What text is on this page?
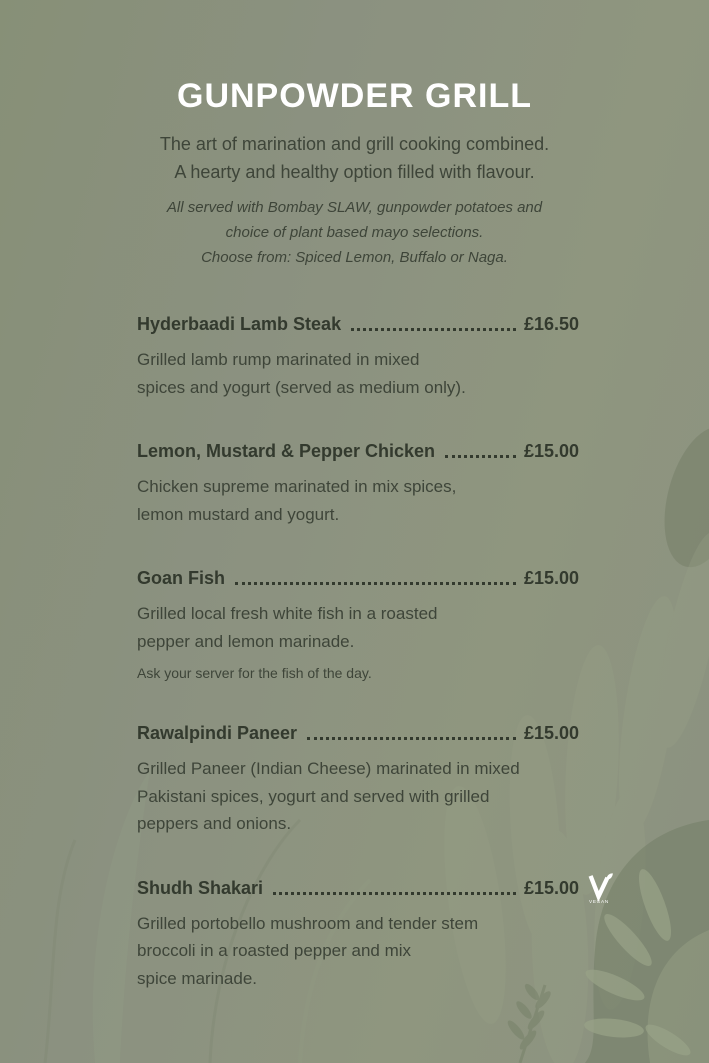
GUNPOWDER GRILL
The art of marination and grill cooking combined.
A hearty and healthy option filled with flavour.
All served with Bombay SLAW, gunpowder potatoes and
choice of plant based mayo selections.
Choose from: Spiced Lemon, Buffalo or Naga.
Hyderbaadi Lamb Steak	£16.50
Grilled lamb rump marinated in mixed
spices and yogurt (served as medium only).
Lemon, Mustard & Pepper Chicken	£15.00
Chicken supreme marinated in mix spices,
lemon mustard and yogurt.
Goan Fish	£15.00
Grilled local fresh white fish in a roasted
pepper and lemon marinade.
Ask your server for the fish of the day.
Rawalpindi Paneer	£15.00
Grilled Paneer (Indian Cheese) marinated in mixed
Pakistani spices, yogurt and served with grilled
peppers and onions.
Shudh Shakari	£15.00
VEGAN
Grilled portobello mushroom and tender stem
broccoli in a roasted pepper and mix
spice marinade.
